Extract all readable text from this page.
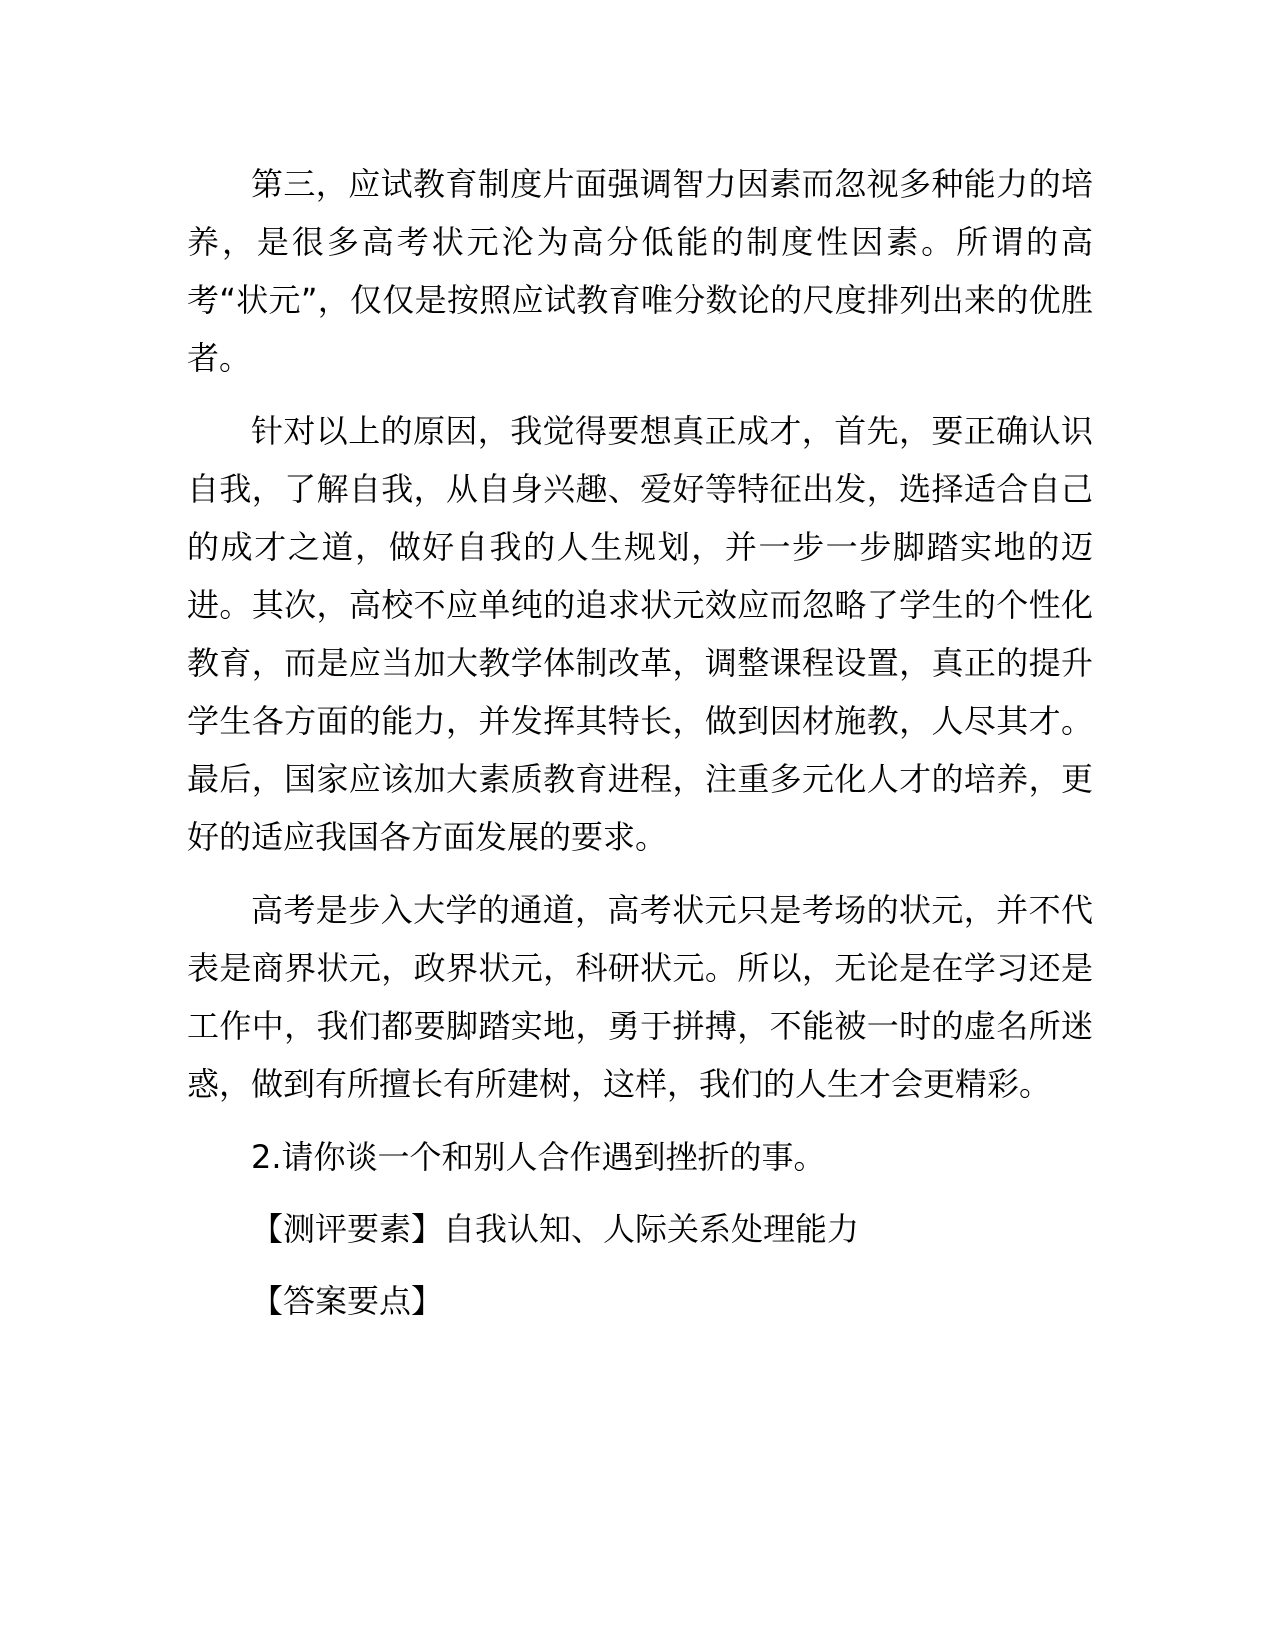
第三，应试教育制度片面强调智力因素而忽视多种能力的培养，是很多高考状元沦为高分低能的制度性因素。所谓的高考“状元”，仅仅是按照应试教育唯分数论的尺度排列出来的优胜者。

针对以上的原因，我觉得要想真正成才，首先，要正确认识自我，了解自我，从自身兴趣、爱好等特征出发，选择适合自己的成才之道，做好自我的人生规划，并一步一步脚踏实地的迈进。其次，高校不应单纯的追求状元效应而忽略了学生的个性化教育，而是应当加大教学体制改革，调整课程设置，真正的提升学生各方面的能力，并发挥其特长，做到因材施教，人尽其才。最后，国家应该加大素质教育进程，注重多元化人才的培养，更好的适应我国各方面发展的要求。

高考是步入大学的通道，高考状元只是考场的状元，并不代表是商界状元，政界状元，科研状元。所以，无论是在学习还是工作中，我们都要脚踏实地，勇于拼搏，不能被一时的虚名所迷惑，做到有所擅长有所建树，这样，我们的人生才会更精彩。

2.请你谈一个和别人合作遇到挫折的事。

【测评要素】自我认知、人际关系处理能力

【答案要点】
